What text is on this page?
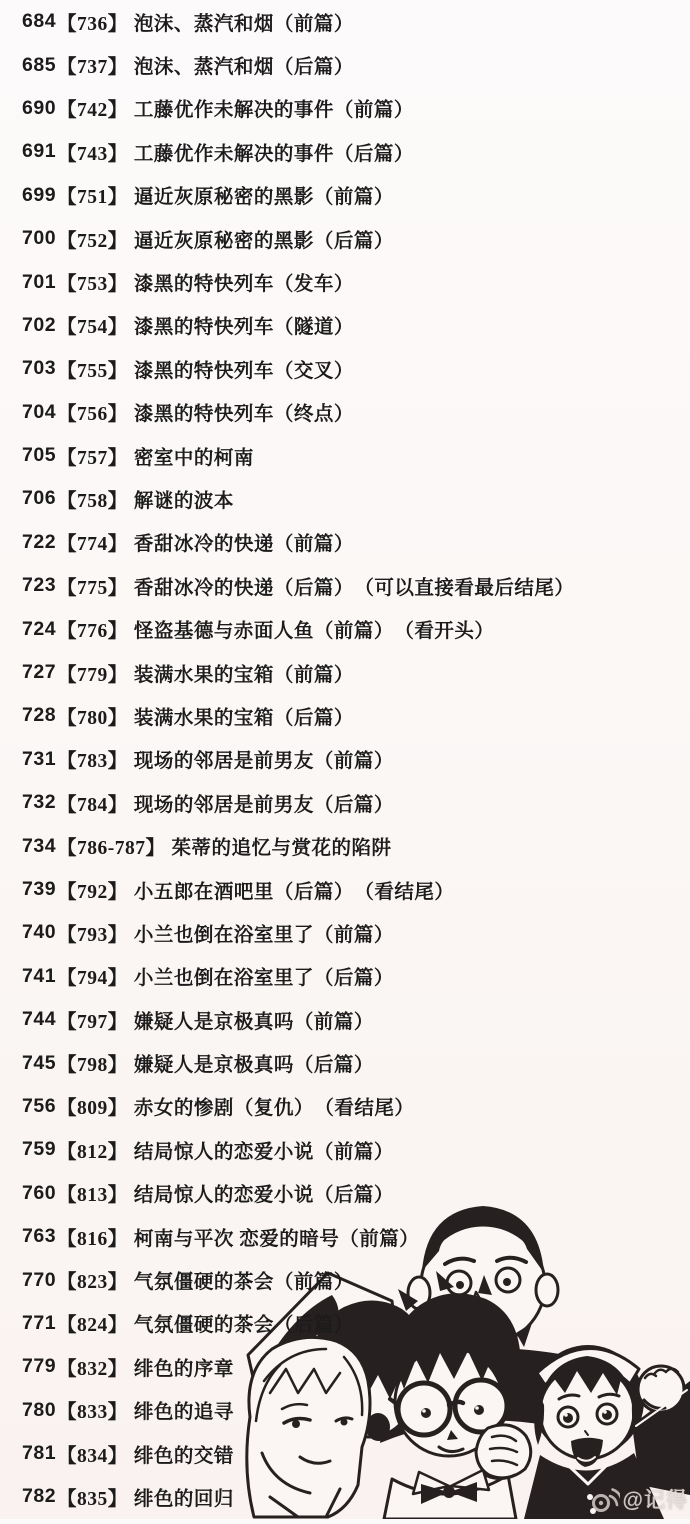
684 【736】 泡沫、蒸汽和烟（前篇）
685 【737】 泡沫、蒸汽和烟（后篇）
690 【742】 工藤优作未解决的事件（前篇）
691 【743】 工藤优作未解决的事件（后篇）
699 【751】 逼近灰原秘密的黑影（前篇）
700 【752】 逼近灰原秘密的黑影（后篇）
701 【753】 漆黑的特快列车（发车）
702 【754】 漆黑的特快列车（隧道）
703 【755】 漆黑的特快列车（交叉）
704 【756】 漆黑的特快列车（终点）
705 【757】 密室中的柯南
706 【758】 解谜的波本
722 【774】 香甜冰冷的快递（前篇）
723 【775】 香甜冰冷的快递（后篇）　（可以直接看最后结尾）
724 【776】 怪盗基德与赤面人鱼（前篇）　（看开头）
727 【779】 装满水果的宝箱（前篇）
728 【780】 装满水果的宝箱（后篇）
731 【783】 现场的邻居是前男友（前篇）
732 【784】 现场的邻居是前男友（后篇）
734 【786-787】 茱蒂的追忆与赏花的陷阱
739 【792】 小五郎在酒吧里（后篇）　（看结尾）
740 【793】 小兰也倒在浴室里了（前篇）
741 【794】 小兰也倒在浴室里了（后篇）
744 【797】 嫌疑人是京极真吗（前篇）
745 【798】 嫌疑人是京极真吗（后篇）
756 【809】 赤女的惨剧（复仇）　（看结尾）
759 【812】 结局惊人的恋爱小说（前篇）
760 【813】 结局惊人的恋爱小说（后篇）
763 【816】 柯南与平次 恋爱的暗号（前篇）
770 【823】 气氛僵硬的茶会（前篇）
771 【824】 气氛僵硬的茶会（后篇）
779 【832】 绯色的序章
780 【833】 绯色的追寻
781 【834】 绯色的交错
782 【835】 绯色的回归	@记得
